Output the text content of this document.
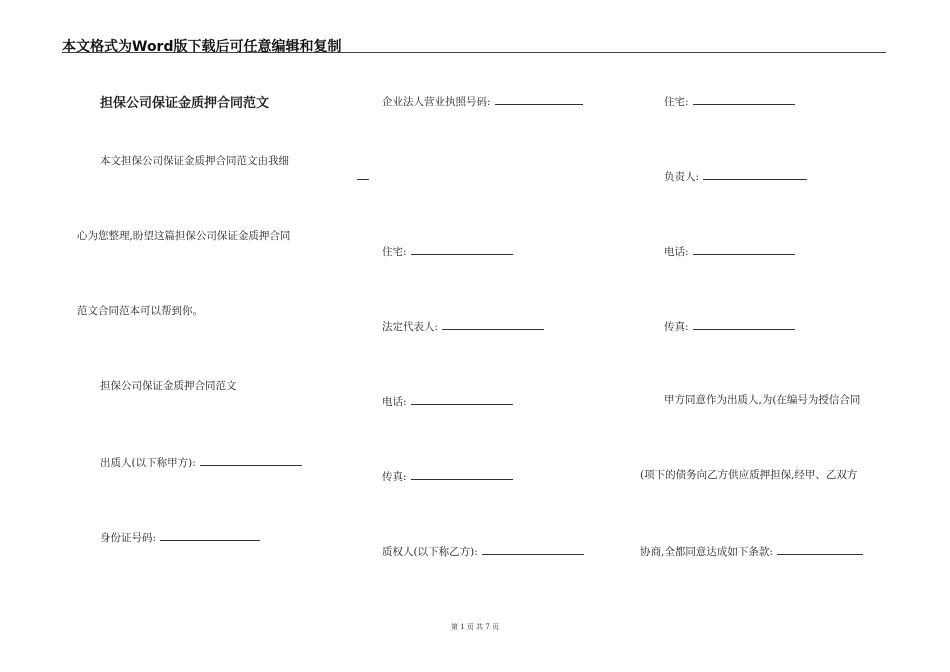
本文格式为Word版下载后可任意编辑和复制
担保公司保证金质押合同范文
本文担保公司保证金质押合同范文由我细
心为您整理,盼望这篇担保公司保证金质押合同
范文合同范本可以帮到你。
担保公司保证金质押合同范文
出质人(以下称甲方):
身份证号码:
企业法人营业执照号码:
住宅:
法定代表人:
电话:
传真:
质权人(以下称乙方):
住宅:
负责人:
电话:
传真:
甲方同意作为出质人,为(在编号为授信合同
(项下的债务向乙方供应质押担保,经甲、乙双方
协商,全都同意达成如下条款:
第 1 页 共 7 页
